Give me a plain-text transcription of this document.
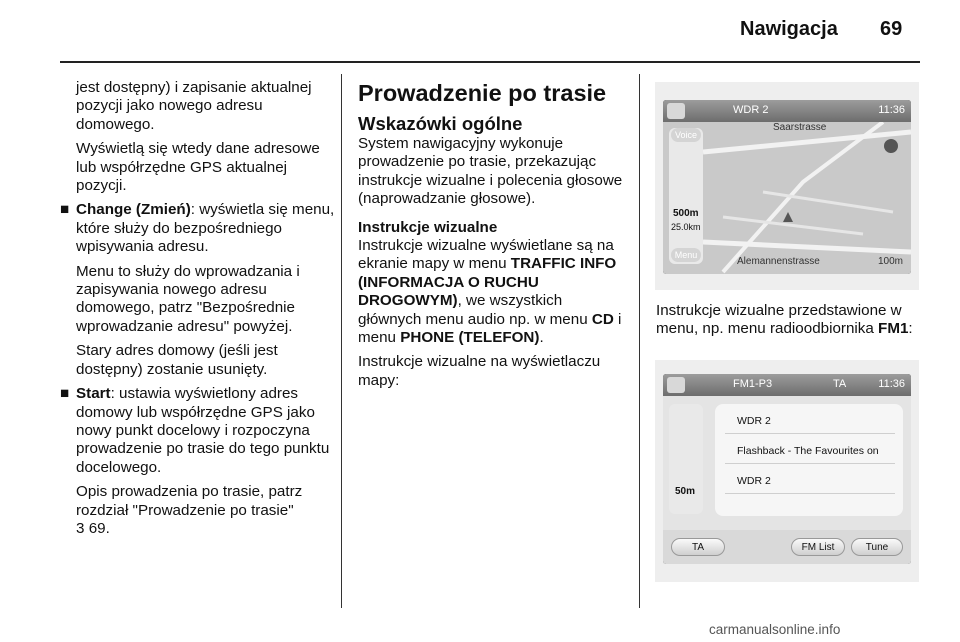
Nawigacja 69

jest dostępny) i zapisanie aktualnej pozycji jako nowego adresu domowego.

Wyświetlą się wtedy dane adresowe lub współrzędne GPS aktualnej pozycji.

■ Change (Zmień): wyświetla się menu, które służy do bezpośredniego wpisywania adresu.

Menu to służy do wprowadzania i zapisywania nowego adresu domowego, patrz "Bezpośrednie wprowadzanie adresu" powyżej.

Stary adres domowy (jeśli jest dostępny) zostanie usunięty.

■ Start: ustawia wyświetlony adres domowy lub współrzędne GPS jako nowy punkt docelowy i rozpoczyna prowadzenie po trasie do tego punktu docelowego.

Opis prowadzenia po trasie, patrz rozdział "Prowadzenie po trasie"
3 69.

Prowadzenie po trasie
Wskazówki ogólne

System nawigacyjny wykonuje prowadzenie po trasie, przekazując instrukcje wizualne i polecenia głosowe (naprowadzanie głosowe).

Instrukcje wizualne

Instrukcje wizualne wyświetlane są na ekranie mapy w menu TRAFFIC INFO (INFORMACJA O RUCHU DROGOWYM), we wszystkich głównych menu audio np. w menu CD i menu PHONE (TELEFON).

Instrukcje wizualne na wyświetlaczu mapy:

WDR 2	11:36
Saarstrasse
Alemannenstrasse	100m
Voice
500m
25.0km
Menu

Instrukcje wizualne przedstawione w menu, np. menu radioodbiornika FM1:

FM1-P3	TA	11:36
50m
WDR 2
Flashback - The Favourites on
WDR 2
TA	FM List	Tune
carmanualsonline.info
